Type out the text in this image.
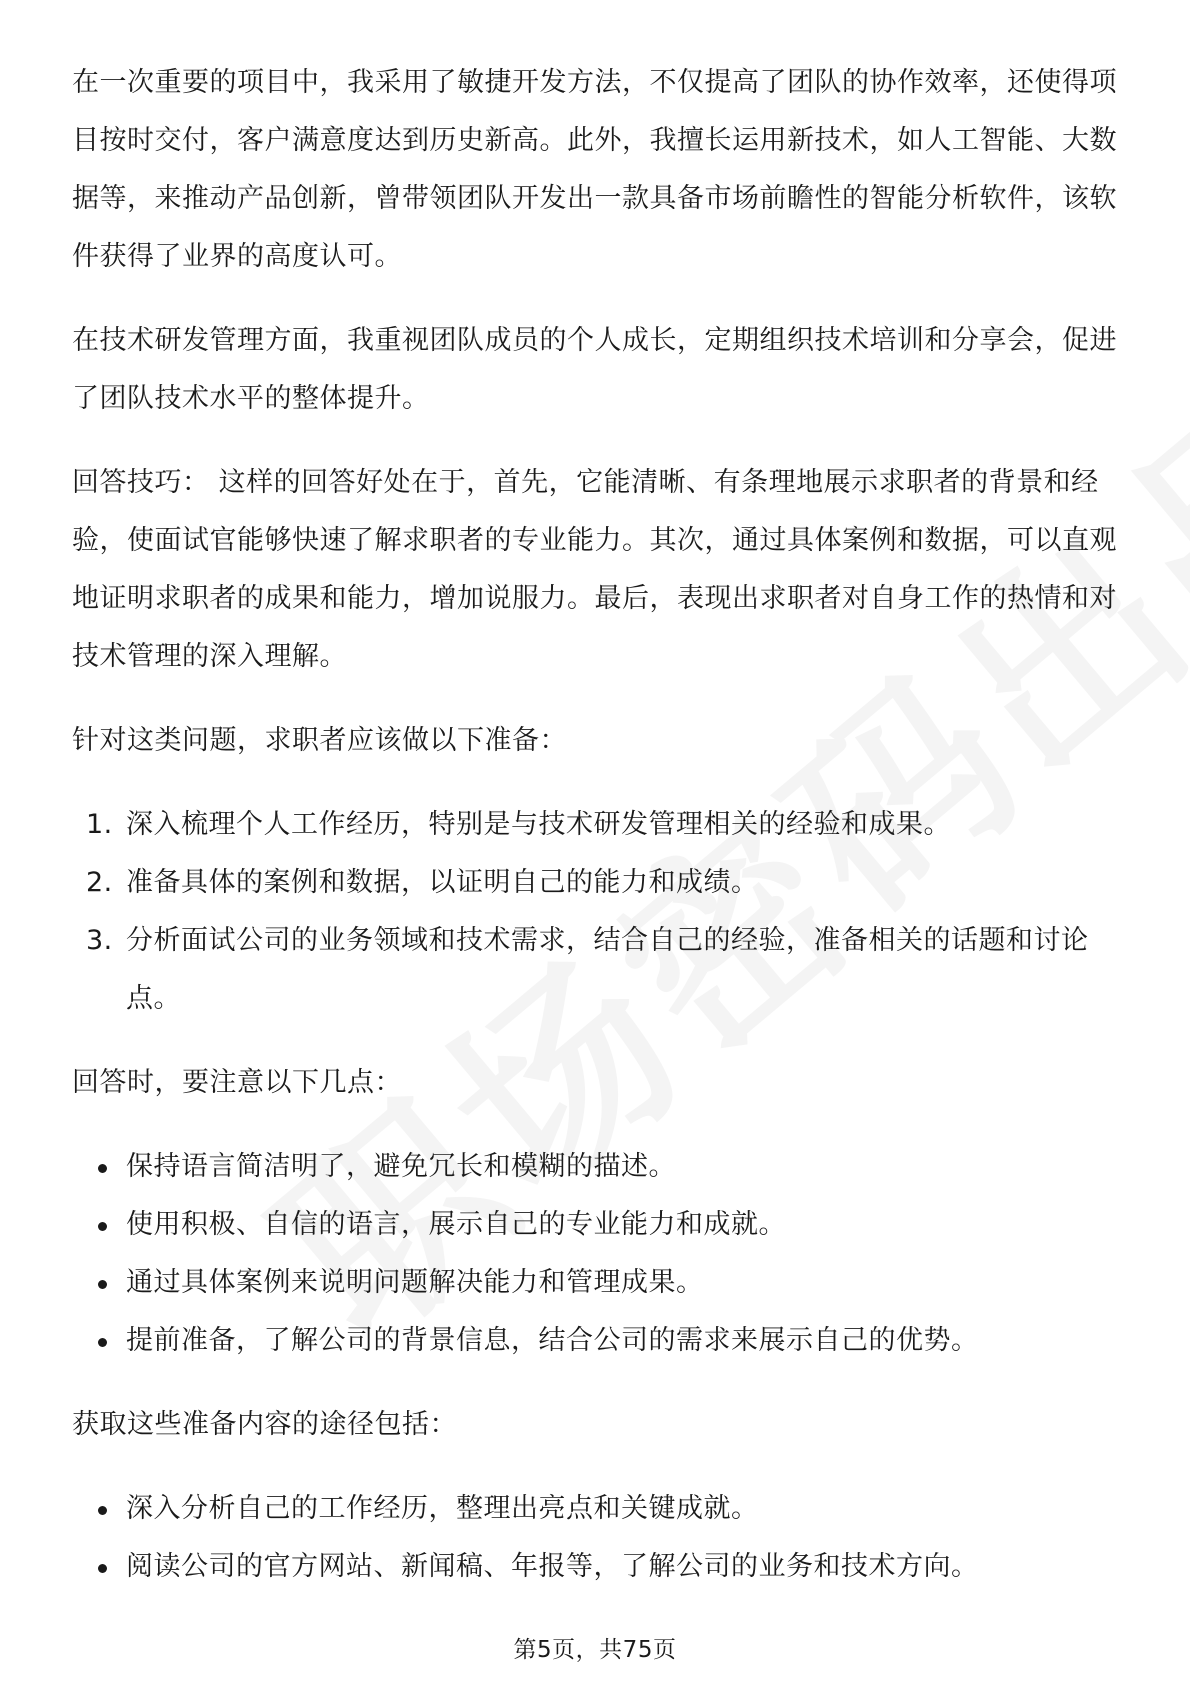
在一次重要的项目中，我采用了敏捷开发方法，不仅提高了团队的协作效率，还使得项目按时交付，客户满意度达到历史新高。此外，我擅长运用新技术，如人工智能、大数据等，来推动产品创新，曾带领团队开发出一款具备市场前瞻性的智能分析软件，该软件获得了业界的高度认可。

在技术研发管理方面，我重视团队成员的个人成长，定期组织技术培训和分享会，促进了团队技术水平的整体提升。

回答技巧： 这样的回答好处在于，首先，它能清晰、有条理地展示求职者的背景和经验，使面试官能够快速了解求职者的专业能力。其次，通过具体案例和数据，可以直观地证明求职者的成果和能力，增加说服力。最后，表现出求职者对自身工作的热情和对技术管理的深入理解。

针对这类问题，求职者应该做以下准备：

1. 深入梳理个人工作经历，特别是与技术研发管理相关的经验和成果。
2. 准备具体的案例和数据，以证明自己的能力和成绩。
3. 分析面试公司的业务领域和技术需求，结合自己的经验，准备相关的话题和讨论点。

回答时，要注意以下几点：

保持语言简洁明了，避免冗长和模糊的描述。
使用积极、自信的语言，展示自己的专业能力和成就。
通过具体案例来说明问题解决能力和管理成果。
提前准备，了解公司的背景信息，结合公司的需求来展示自己的优势。

获取这些准备内容的途径包括：

深入分析自己的工作经历，整理出亮点和关键成就。
阅读公司的官方网站、新闻稿、年报等，了解公司的业务和技术方向。
第5页，共75页
